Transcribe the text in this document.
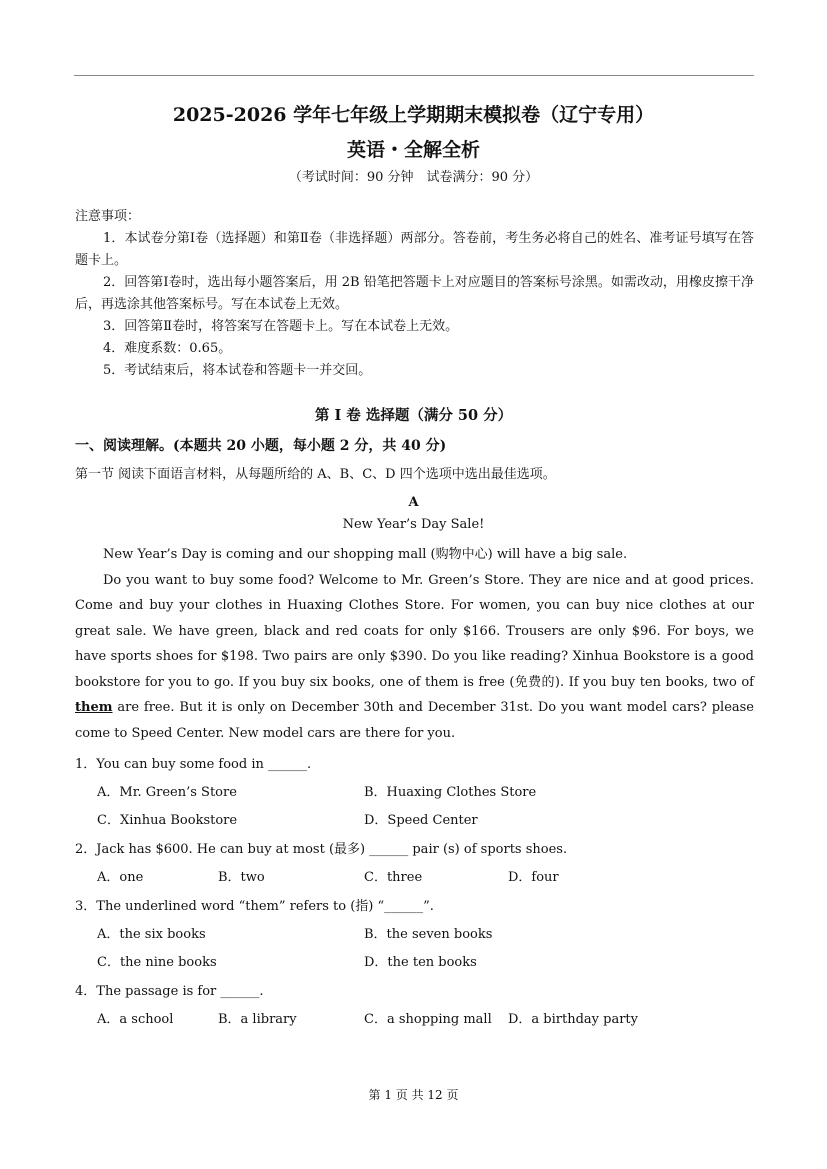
2025-2026 学年七年级上学期期末模拟卷（辽宁专用）
英语・全解全析
（考试时间：90 分钟　试卷满分：90 分）
注意事项：

1．本试卷分第Ⅰ卷（选择题）和第Ⅱ卷（非选择题）两部分。答卷前，考生务必将自己的姓名、准考证号填写在答题卡上。

2．回答第Ⅰ卷时，选出每小题答案后，用 2B 铅笔把答题卡上对应题目的答案标号涂黑。如需改动，用橡皮擦干净后，再选涂其他答案标号。写在本试卷上无效。

3．回答第Ⅱ卷时，将答案写在答题卡上。写在本试卷上无效。

4．难度系数：0.65。

5．考试结束后，将本试卷和答题卡一并交回。

第 I 卷 选择题（满分 50 分）
一、阅读理解。(本题共 20 小题，每小题 2 分，共 40 分)
第一节 阅读下面语言材料，从每题所给的 A、B、C、D 四个选项中选出最佳选项。
A
New Year’s Day Sale!

New Year’s Day is coming and our shopping mall (购物中心) will have a big sale.

Do you want to buy some food? Welcome to Mr. Green’s Store. They are nice and at good prices. Come and buy your clothes in Huaxing Clothes Store. For women, you can buy nice clothes at our great sale. We have green, black and red coats for only $166. Trousers are only $96. For boys, we have sports shoes for $198. Two pairs are only $390. Do you like reading? Xinhua Bookstore is a good bookstore for you to go. If you buy six books, one of them is free (免费的). If you buy ten books, two of them are free. But it is only on December 30th and December 31st. Do you want model cars? please come to Speed Center. New model cars are there for you.

1．You can buy some food in ______.
A．Mr. Green’s Store	B．Huaxing Clothes Store
C．Xinhua Bookstore	D．Speed Center
2．Jack has $600. He can buy at most (最多) ______ pair (s) of sports shoes.
A．one	B．two	C．three	D．four
3．The underlined word “them” refers to (指) “______”.
A．the six books	B．the seven books
C．the nine books	D．the ten books
4．The passage is for ______.
A．a school	B．a library	C．a shopping mall D．a birthday party
第 1 页 共 12 页
